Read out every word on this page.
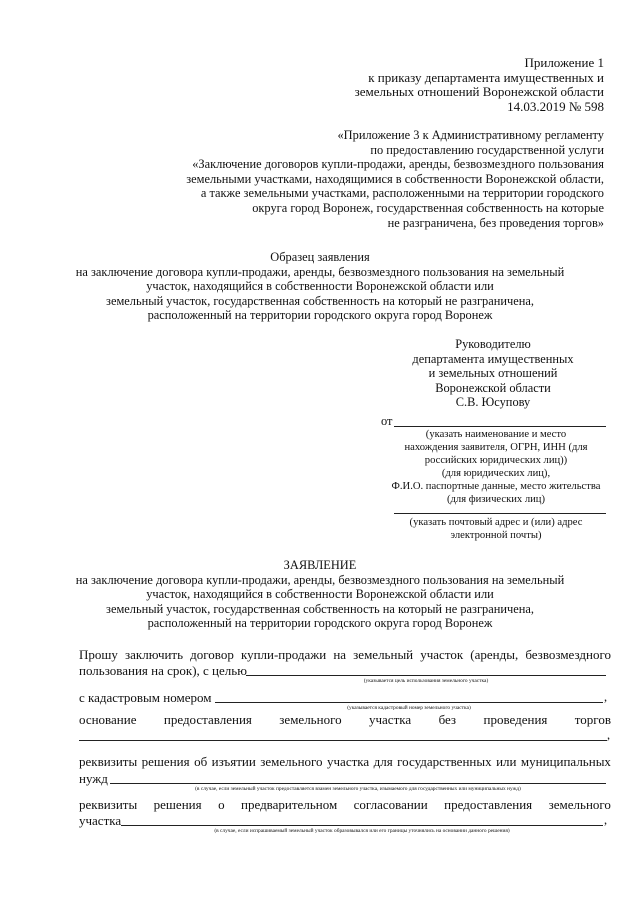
Приложение 1
к приказу департамента имущественных и
земельных отношений Воронежской области
14.03.2019 № 598
«Приложение 3 к Административному регламенту
по предоставлению государственной услуги
«Заключение договоров купли-продажи, аренды, безвозмездного пользования
земельными участками, находящимися в собственности Воронежской области,
а также земельными участками, расположенными на территории городского
округа город Воронеж, государственная собственность на которые
не разграничена, без проведения торгов»
Образец заявления
на заключение договора купли-продажи, аренды, безвозмездного пользования на земельный
участок, находящийся в собственности Воронежской области или
земельный участок, государственная собственность на который не разграничена,
расположенный на территории городского округа город Воронеж
Руководителю
департамента имущественных
и земельных отношений
Воронежской области
С.В. Юсупову
от
(указать наименование и место
нахождения заявителя, ОГРН, ИНН (для
российских юридических лиц))
(для юридических лиц),
Ф.И.О. паспортные данные, место жительства
(для физических лиц)
(указать почтовый адрес и (или) адрес
электронной почты)
ЗАЯВЛЕНИЕ
на заключение договора купли-продажи, аренды, безвозмездного пользования на земельный
участок, находящийся в собственности Воронежской области или
земельный участок, государственная собственность на который не разграничена,
расположенный на территории городского округа город Воронеж
Прошу заключить договор купли-продажи на земельный участок (аренды, безвозмездного
пользования на срок), с целью
(указывается цель использования земельного участка)
с кадастровым номером	,
(указывается кадастровый номер земельного участка)
основание предоставления земельного участка без проведения торгов
,
реквизиты решения об изъятии земельного участка для государственных или муниципальных
нужд
(в случае, если земельный участок предоставляется взамен земельного участка, изымаемого для государственных или муниципальных нужд)
реквизиты решения о предварительном согласовании предоставления земельного
участка	,
(в случае, если испрашиваемый земельный участок образовывался или его границы уточнялись на основании данного решения)
